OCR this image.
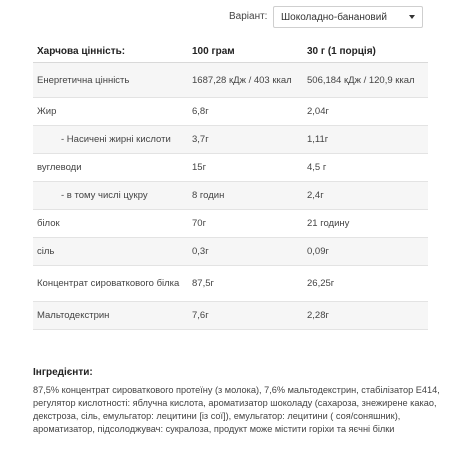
Варіант: Шоколадно-банановий
Харчова цінність:	100 грам	30 г (1 порція)
Енергетична цінність	1687,28 кДж / 403 ккал	506,184 кДж / 120,9 ккал
Жир	6,8г	2,04г
- Насичені жирні кислоти	3,7г	1,11г
вуглеводи	15г	4,5 г
- в тому числі цукру	8 годин	2,4г
білок	70г	21 годину
сіль	0,3г	0,09г
Концентрат сироваткового білка	87,5г	26,25г
Мальтодекстрин	7,6г	2,28г
Інгредієнти:
87,5% концентрат сироваткового протеїну (з молока), 7,6% мальтодекстрин, стабілізатор E414, регулятор кислотності: яблучна кислота, ароматизатор шоколаду (сахароза, знежирене какао, декстроза, сіль, емульгатор: лецитини [із сої]), емульгатор: лецитини ( соя/соняшник), ароматизатор, підсолоджувач: сукралоза, продукт може містити горіхи та яєчні білки
